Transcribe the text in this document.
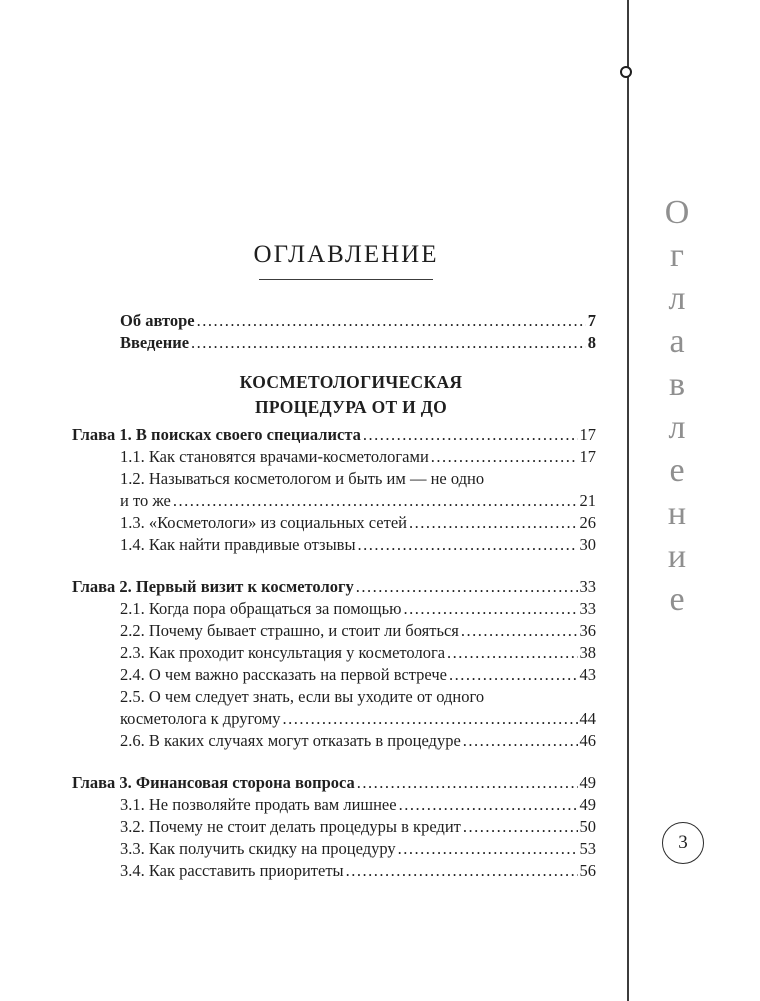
ОГЛАВЛЕНИЕ
Об авторе .....	7
Введение .....	8
КОСМЕТОЛОГИЧЕСКАЯ
ПРОЦЕДУРА ОТ И ДО
Глава 1. В поисках своего специалиста .....	17
1.1. Как становятся врачами-косметологами .....	17
1.2. Называться косметологом и быть им — не одно
и то же .....	21
1.3. «Косметологи» из социальных сетей .....	26
1.4. Как найти правдивые отзывы .....	30
Глава 2. Первый визит к косметологу .....	33
2.1. Когда пора обращаться за помощью .....	33
2.2. Почему бывает страшно, и стоит ли бояться .....	36
2.3. Как проходит консультация у косметолога .....	38
2.4. О чем важно рассказать на первой встрече .....	43
2.5. О чем следует знать, если вы уходите от одного
косметолога к другому .....	44
2.6. В каких случаях могут отказать в процедуре .....	46
Глава 3. Финансовая сторона вопроса .....	49
3.1. Не позволяйте продать вам лишнее .....	49
3.2. Почему не стоит делать процедуры в кредит .....	50
3.3. Как получить скидку на процедуру .....	53
3.4. Как расставить приоритеты .....	56
О
г
л
а
в
л
е
н
и
е
3
